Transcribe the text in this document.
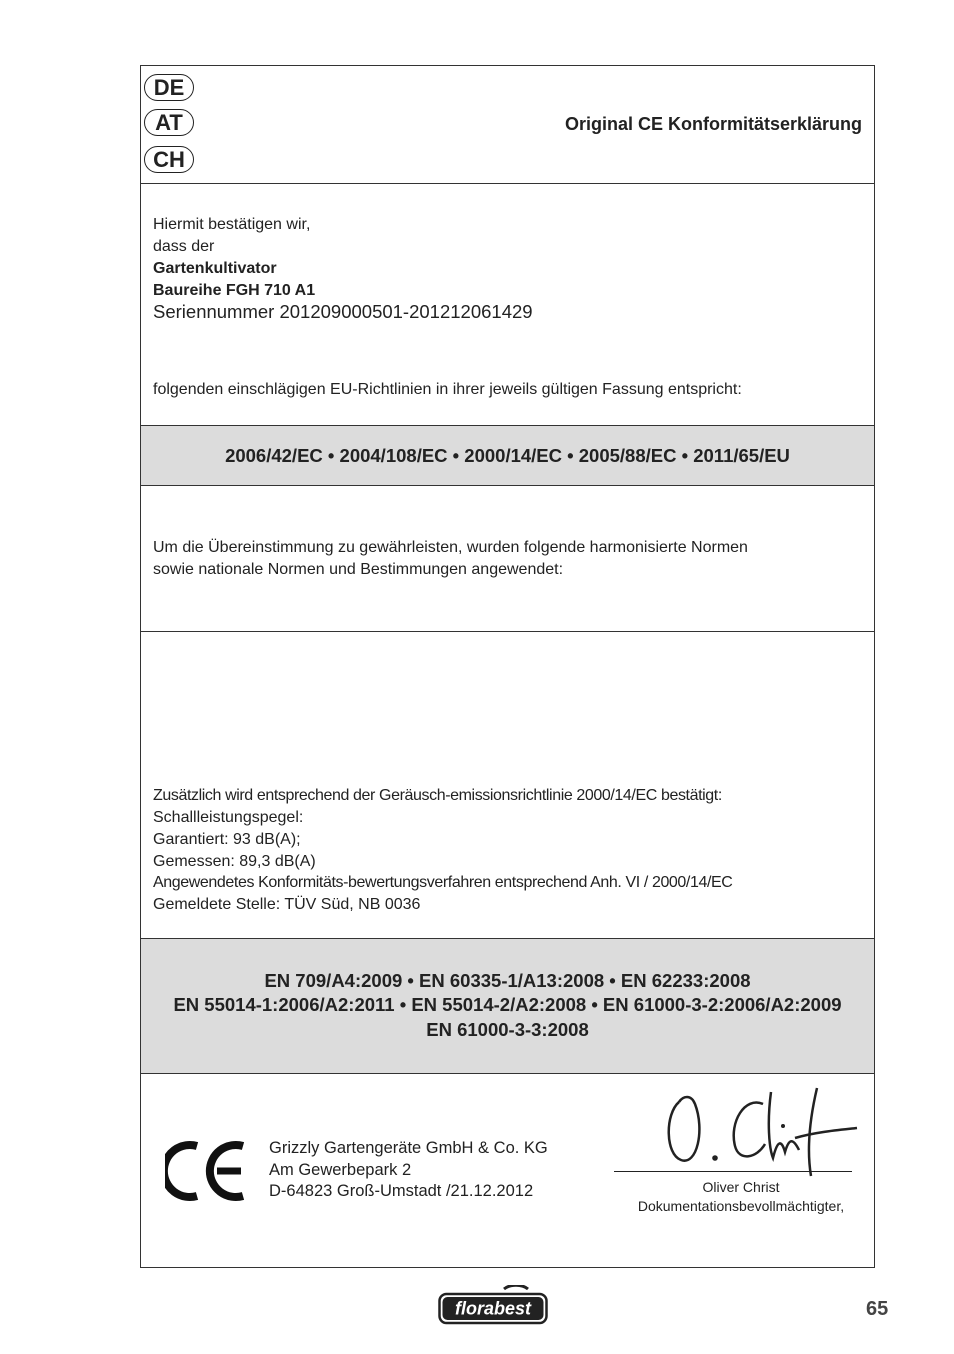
DE
AT
CH
Original CE Konformitätserklärung
Hiermit bestätigen wir,
dass der
Gartenkultivator
Baureihe FGH 710 A1
Seriennummer 201209000501-201212061429
folgenden einschlägigen EU-Richtlinien in ihrer jeweils gültigen Fassung entspricht:
2006/42/EC • 2004/108/EC • 2000/14/EC • 2005/88/EC • 2011/65/EU
Um die Übereinstimmung zu gewährleisten, wurden folgende harmonisierte Normen
sowie nationale Normen und Bestimmungen angewendet:
Zusätzlich wird entsprechend der Geräusch-emissionsrichtlinie 2000/14/EC bestätigt:
Schallleistungspegel:
Garantiert: 93 dB(A);
Gemessen: 89,3 dB(A)
Angewendetes Konformitäts-bewertungsverfahren entsprechend Anh. VI / 2000/14/EC
Gemeldete Stelle: TÜV Süd, NB 0036
EN 709/A4:2009 • EN 60335-1/A13:2008 • EN 62233:2008
EN 55014-1:2006/A2:2011 • EN 55014-2/A2:2008 • EN 61000-3-2:2006/A2:2009
EN 61000-3-3:2008
Grizzly Gartengeräte GmbH & Co. KG
Am Gewerbepark 2
D-64823 Groß-Umstadt /21.12.2012	Oliver Christ
Dokumentationsbevollmächtigter,
florabest	65
